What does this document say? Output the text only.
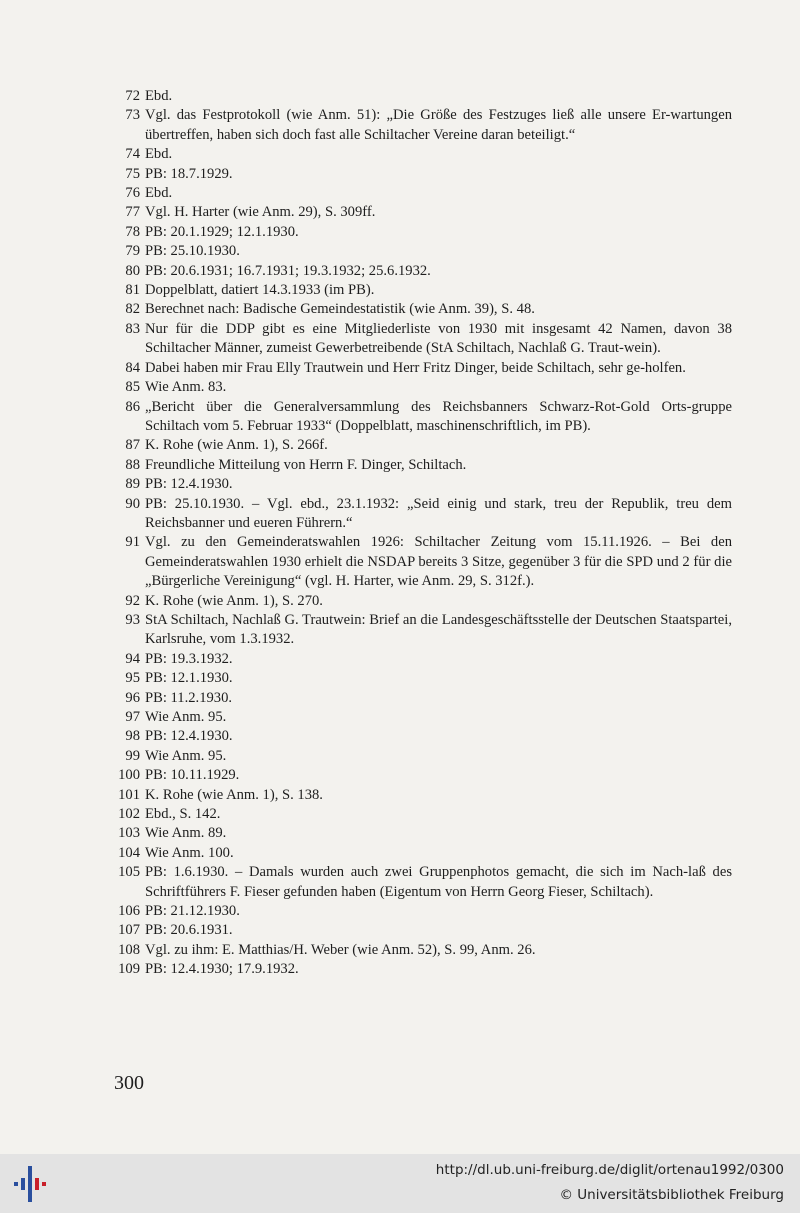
72 Ebd.
73 Vgl. das Festprotokoll (wie Anm. 51): „Die Größe des Festzuges ließ alle unsere Er-wartungen übertreffen, haben sich doch fast alle Schiltacher Vereine daran beteiligt.“
74 Ebd.
75 PB: 18.7.1929.
76 Ebd.
77 Vgl. H. Harter (wie Anm. 29), S. 309ff.
78 PB: 20.1.1929; 12.1.1930.
79 PB: 25.10.1930.
80 PB: 20.6.1931; 16.7.1931; 19.3.1932; 25.6.1932.
81 Doppelblatt, datiert 14.3.1933 (im PB).
82 Berechnet nach: Badische Gemeindestatistik (wie Anm. 39), S. 48.
83 Nur für die DDP gibt es eine Mitgliederliste von 1930 mit insgesamt 42 Namen, davon 38 Schiltacher Männer, zumeist Gewerbetreibende (StA Schiltach, Nachlaß G. Traut-wein).
84 Dabei haben mir Frau Elly Trautwein und Herr Fritz Dinger, beide Schiltach, sehr ge-holfen.
85 Wie Anm. 83.
86 „Bericht über die Generalversammlung des Reichsbanners Schwarz-Rot-Gold Orts-gruppe Schiltach vom 5. Februar 1933“ (Doppelblatt, maschinenschriftlich, im PB).
87 K. Rohe (wie Anm. 1), S. 266f.
88 Freundliche Mitteilung von Herrn F. Dinger, Schiltach.
89 PB: 12.4.1930.
90 PB: 25.10.1930. – Vgl. ebd., 23.1.1932: „Seid einig und stark, treu der Republik, treu dem Reichsbanner und eueren Führern.“
91 Vgl. zu den Gemeinderatswahlen 1926: Schiltacher Zeitung vom 15.11.1926. – Bei den Gemeinderatswahlen 1930 erhielt die NSDAP bereits 3 Sitze, gegenüber 3 für die SPD und 2 für die „Bürgerliche Vereinigung“ (vgl. H. Harter, wie Anm. 29, S. 312f.).
92 K. Rohe (wie Anm. 1), S. 270.
93 StA Schiltach, Nachlaß G. Trautwein: Brief an die Landesgeschäftsstelle der Deutschen Staatspartei, Karlsruhe, vom 1.3.1932.
94 PB: 19.3.1932.
95 PB: 12.1.1930.
96 PB: 11.2.1930.
97 Wie Anm. 95.
98 PB: 12.4.1930.
99 Wie Anm. 95.
100 PB: 10.11.1929.
101 K. Rohe (wie Anm. 1), S. 138.
102 Ebd., S. 142.
103 Wie Anm. 89.
104 Wie Anm. 100.
105 PB: 1.6.1930. – Damals wurden auch zwei Gruppenphotos gemacht, die sich im Nach-laß des Schriftführers F. Fieser gefunden haben (Eigentum von Herrn Georg Fieser, Schiltach).
106 PB: 21.12.1930.
107 PB: 20.6.1931.
108 Vgl. zu ihm: E. Matthias/H. Weber (wie Anm. 52), S. 99, Anm. 26.
109 PB: 12.4.1930; 17.9.1932.
300
http://dl.ub.uni-freiburg.de/diglit/ortenau1992/0300
© Universitätsbibliothek Freiburg
